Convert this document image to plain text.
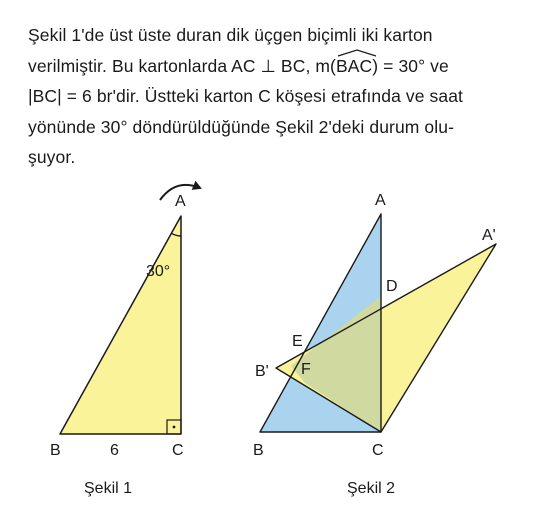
Şekil 1'de üst üste duran dik üçgen biçimli iki karton
verilmiştir. Bu kartonlarda AC ⊥ BC, m(
BAC) = 30° ve
|BC| = 6 br'dir. Üstteki karton C köşesi etrafında ve saat
yönünde 30° döndürüldüğünde Şekil 2'deki durum olu-
şuyor.
A
B	C
6
30°
Şekil 1
A
A'
B
B'
C
D
E
F
Şekil 2
